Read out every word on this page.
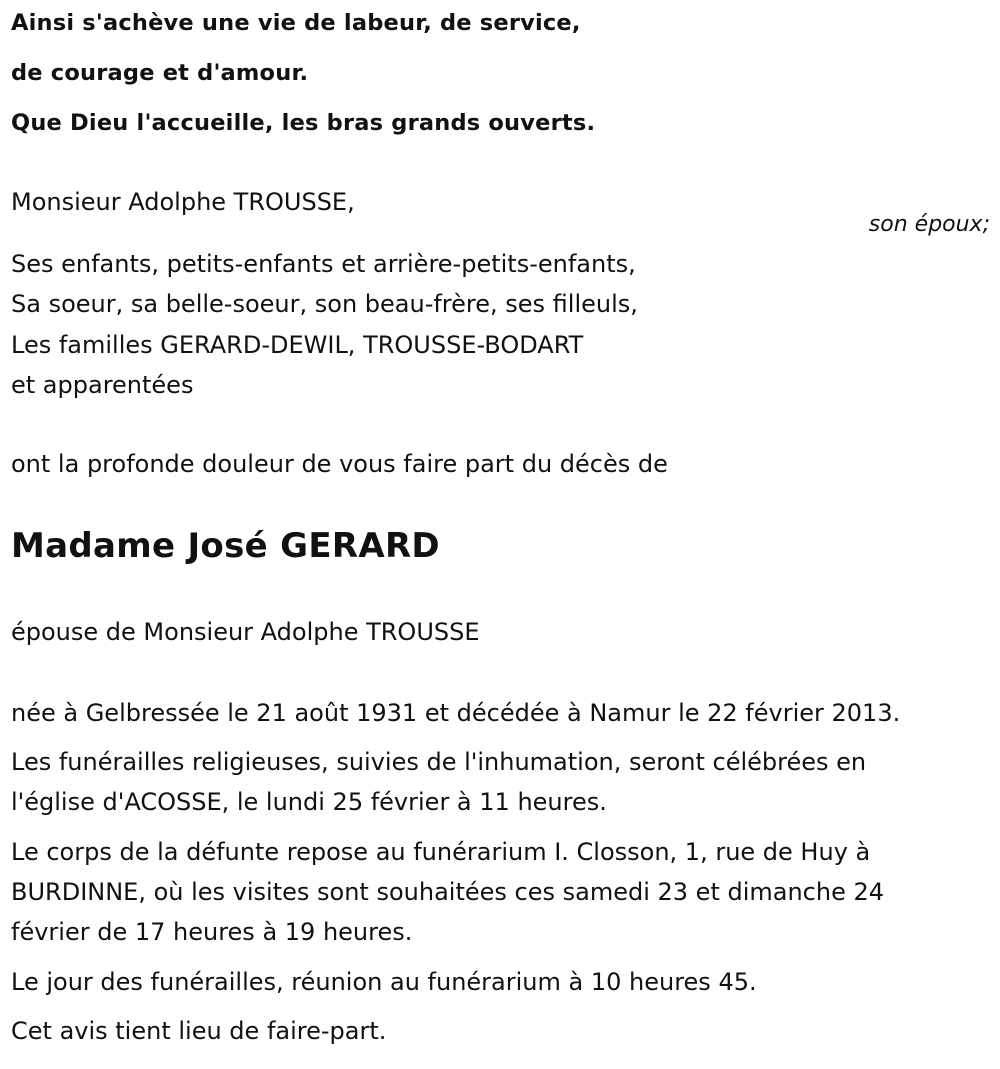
Ainsi s'achève une vie de labeur, de service,
de courage et d'amour.
Que Dieu l'accueille, les bras grands ouverts.
Monsieur Adolphe TROUSSE,
son époux;
Ses enfants, petits-enfants et arrière-petits-enfants,
Sa soeur, sa belle-soeur, son beau-frère, ses filleuls,
Les familles GERARD-DEWIL, TROUSSE-BODART
et apparentées
ont la profonde douleur de vous faire part du décès de
Madame José GERARD
épouse de Monsieur Adolphe TROUSSE
née à Gelbressée le 21 août 1931 et décédée à Namur le 22 février 2013.
Les funérailles religieuses, suivies de l'inhumation, seront célébrées en
l'église d'ACOSSE, le lundi 25 février à 11 heures.
Le corps de la défunte repose au funérarium I. Closson, 1, rue de Huy à
BURDINNE, où les visites sont souhaitées ces samedi 23 et dimanche 24
février de 17 heures à 19 heures.
Le jour des funérailles, réunion au funérarium à 10 heures 45.
Cet avis tient lieu de faire-part.
